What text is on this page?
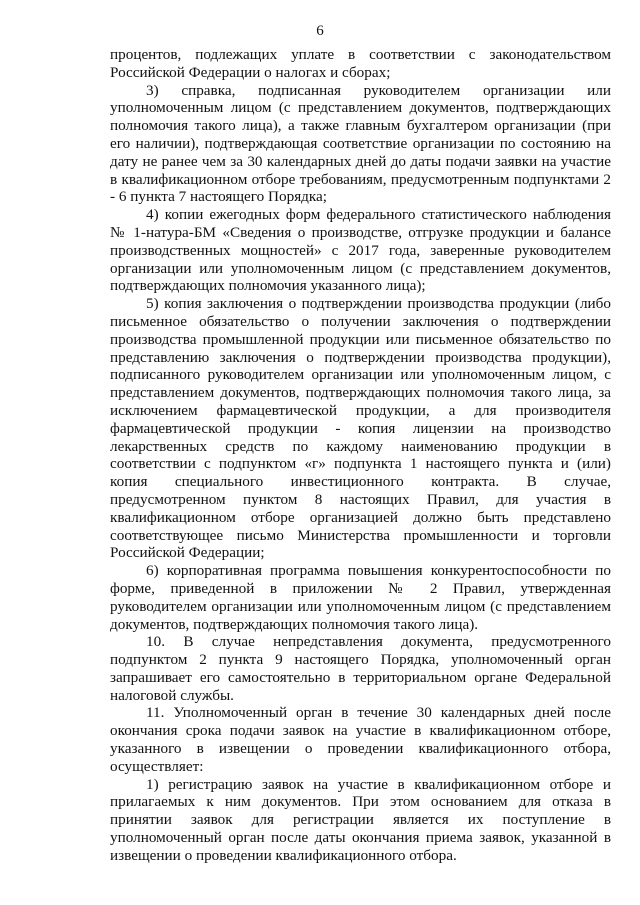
6

процентов, подлежащих уплате в соответствии с законодательством Российской Федерации о налогах и сборах;

3) справка, подписанная руководителем организации или уполномоченным лицом (с представлением документов, подтверждающих полномочия такого лица), а также главным бухгалтером организации (при его наличии), подтверждающая соответствие организации по состоянию на дату не ранее чем за 30 календарных дней до даты подачи заявки на участие в квалификационном отборе требованиям, предусмотренным подпунктами 2 - 6 пункта 7 настоящего Порядка;

4) копии ежегодных форм федерального статистического наблюдения № 1-натура-БМ «Сведения о производстве, отгрузке продукции и балансе производственных мощностей» с 2017 года, заверенные руководителем организации или уполномоченным лицом (с представлением документов, подтверждающих полномочия указанного лица);

5) копия заключения о подтверждении производства продукции (либо письменное обязательство о получении заключения о подтверждении производства промышленной продукции или письменное обязательство по представлению заключения о подтверждении производства продукции), подписанного руководителем организации или уполномоченным лицом, с представлением документов, подтверждающих полномочия такого лица, за исключением фармацевтической продукции, а для производителя фармацевтической продукции - копия лицензии на производство лекарственных средств по каждому наименованию продукции в соответствии с подпунктом «г» подпункта 1 настоящего пункта и (или) копия специального инвестиционного контракта. В случае, предусмотренном пунктом 8 настоящих Правил, для участия в квалификационном отборе организацией должно быть представлено соответствующее письмо Министерства промышленности и торговли Российской Федерации;

6) корпоративная программа повышения конкурентоспособности по форме, приведенной в приложении № 2 Правил, утвержденная руководителем организации или уполномоченным лицом (с представлением документов, подтверждающих полномочия такого лица).

10. В случае непредставления документа, предусмотренного подпунктом 2 пункта 9 настоящего Порядка, уполномоченный орган запрашивает его самостоятельно в территориальном органе Федеральной налоговой службы.

11. Уполномоченный орган в течение 30 календарных дней после окончания срока подачи заявок на участие в квалификационном отборе, указанного в извещении о проведении квалификационного отбора, осуществляет:

1) регистрацию заявок на участие в квалификационном отборе и прилагаемых к ним документов. При этом основанием для отказа в принятии заявок для регистрации является их поступление в уполномоченный орган после даты окончания приема заявок, указанной в извещении о проведении квалификационного отбора.
